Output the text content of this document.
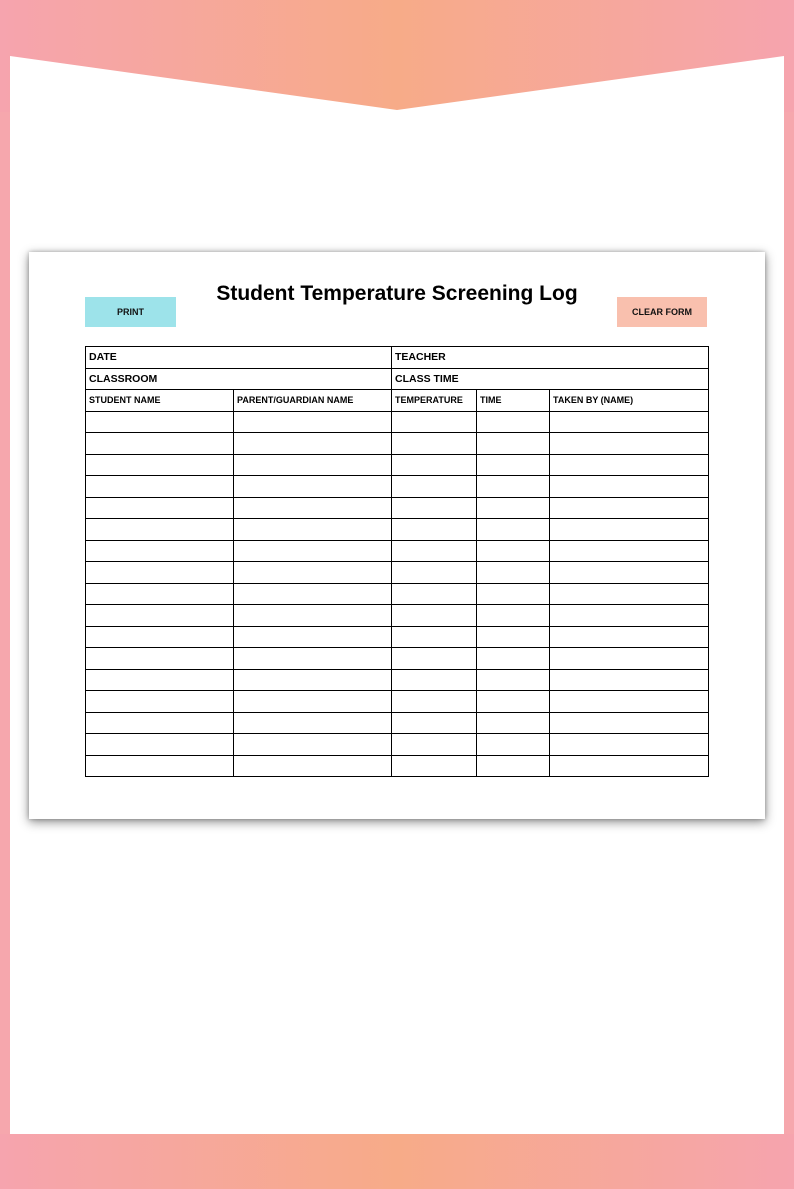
Student Temperature Screening Log
PRINT	CLEAR FORM
DATE		TEACHER		
CLASSROOM		CLASS TIME		
STUDENT NAME	PARENT/GUARDIAN NAME	TEMPERATURE	TIME	TAKEN BY (NAME)
